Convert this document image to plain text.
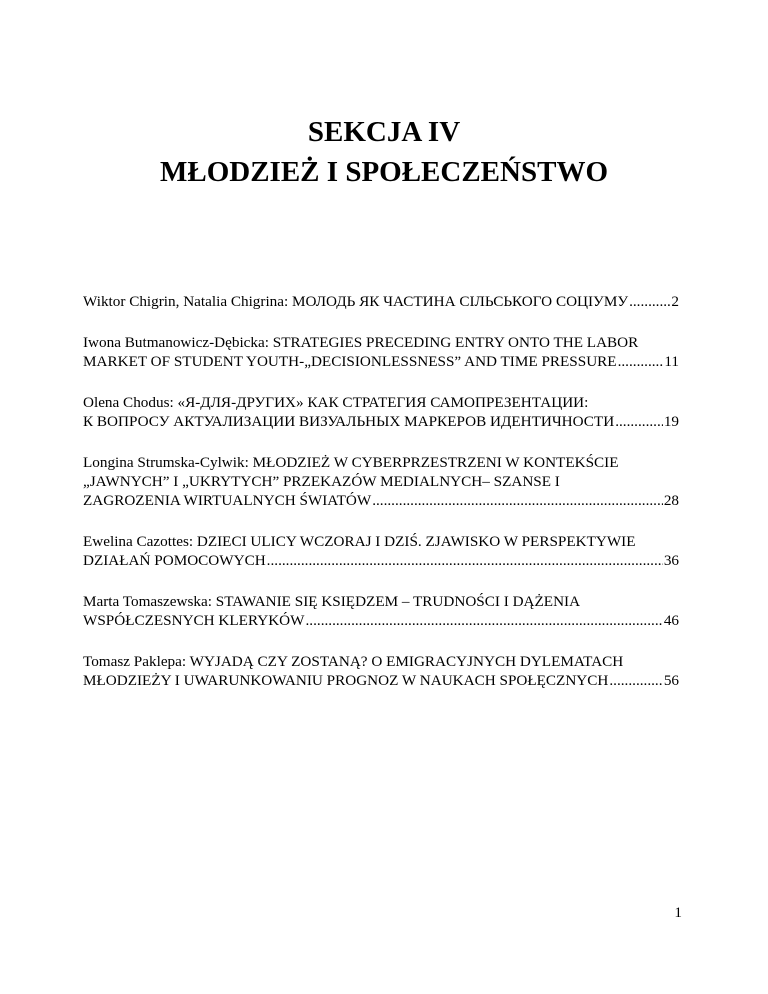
SEKCJA IV
MŁODZIEŻ I SPOŁECZEŃSTWO
Wiktor Chigrin, Natalia Chigrina: МОЛОДЬ ЯК ЧАСТИНА СІЛЬСЬКОГО СОЦІУМУ .....	2
Iwona Butmanowicz-Dębicka: STRATEGIES PRECEDING ENTRY ONTO THE LABOR
MARKET OF STUDENT YOUTH-„DECISIONLESSNESS” AND TIME PRESSURE .....	11
Olena Chodus: «Я-ДЛЯ-ДРУГИХ» КАК СТРАТЕГИЯ САМОПРЕЗЕНТАЦИИ:
К ВОПРОСУ АКТУАЛИЗАЦИИ ВИЗУАЛЬНЫХ МАРКЕРОВ ИДЕНТИЧНОСТИ .....	19
Longina Strumska-Cylwik: MŁODZIEŻ W CYBERPRZESTRZENI W KONTEKŚCIE
„JAWNYCH” I „UKRYTYCH” PRZEKAZÓW MEDIALNYCH– SZANSE I
ZAGROZENIA WIRTUALNYCH ŚWIATÓW .....	28
Ewelina Cazottes: DZIECI ULICY WCZORAJ I DZIŚ. ZJAWISKO W PERSPEKTYWIE
DZIAŁAŃ POMOCOWYCH .....	36
Marta Tomaszewska: STAWANIE SIĘ KSIĘDZEM – TRUDNOŚCI I DĄŻENIA
WSPÓŁCZESNYCH KLERYKÓW .....	46
Tomasz Paklepa: WYJADĄ CZY ZOSTANĄ? O EMIGRACYJNYCH DYLEMATACH
MŁODZIEŻY I UWARUNKOWANIU PROGNOZ W NAUKACH SPOŁĘCZNYCH .....	56
1
